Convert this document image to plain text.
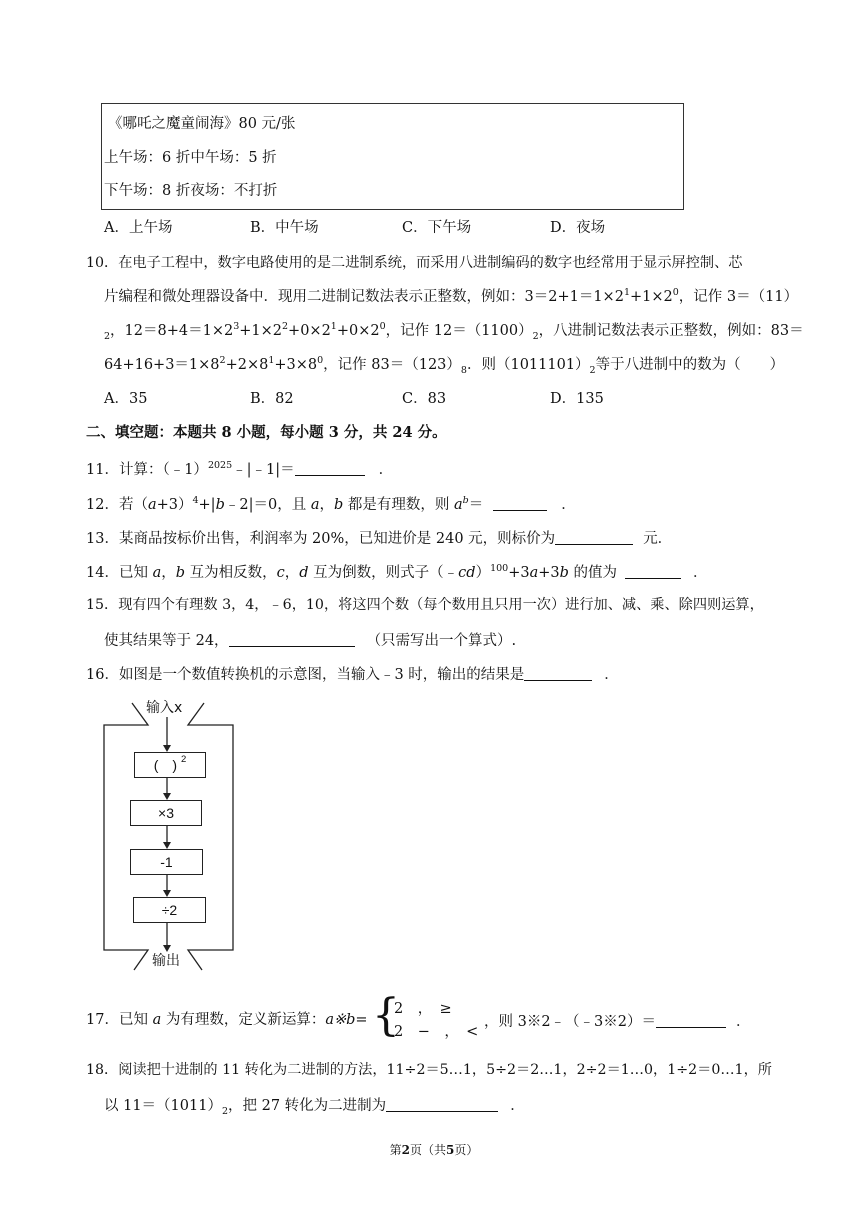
《哪吒之魔童闹海》80 元/张
上午场：6 折中午场：5 折
下午场：8 折夜场：不打折
A．上午场	B．中午场	C．下午场	D．夜场
10．在电子工程中，数字电路使用的是二进制系统，而采用八进制编码的数字也经常用于显示屏控制、芯
片编程和微处理器设备中．现用二进制记数法表示正整数，例如：$3=2+1=1\times 2^1+1\times 2^0$，记作 3＝（11）
$_2$，$12=8+4=1\times 2^3+1\times 2^2+0\times 2^1+0\times 2^0$，记作 $12=(1100)_2$，八进制记数法表示正整数，例如：83＝
$64+16+3=1\times 8^2+2\times 8^1+3\times 8^0$，记作 $83=(123)_8$．则$(1011101)_2$等于八进制中的数为（　　）
A．35	B．82	C．83	D．135
二、填空题：本题共 8 小题，每小题 3 分，共 24 分。
11．计算：（﹣1）$^{2025}$﹣|﹣1|＝	．
12．若$(a+3)^4+|b﹣2|=0$，且 a，b 都是有理数，则 $a^b=$	．
13．某商品按标价出售，利润率为 20%，已知进价是 240 元，则标价为	元．
14．已知 a，b 互为相反数，c，d 互为倒数，则式子（﹣cd）$^{100}$+3a+3b 的值为	．
15．现有四个有理数 3，4，﹣6，10，将这四个数（每个数用且只用一次）进行加、减、乘、除四则运算，
使其结果等于 24，	（只需写出一个算式）.
16．如图是一个数值转换机的示意图，当输入﹣3 时，输出的结果是	．
输入x
(　) $^2$
×3
-1
÷2
输出
17．已知 a 为有理数，定义新运算：a※b= {
2　，　≥
2　−　，　<
，则 3※2﹣（﹣3※2）＝	．
18．阅读把十进制的 11 转化为二进制的方法，11÷2＝5…1，5÷2＝2…1，2÷2＝1…0，1÷2＝0…1，所
以 $11=(1011)_2$，把 27 转化为二进制为	．
第2页（共5页）
